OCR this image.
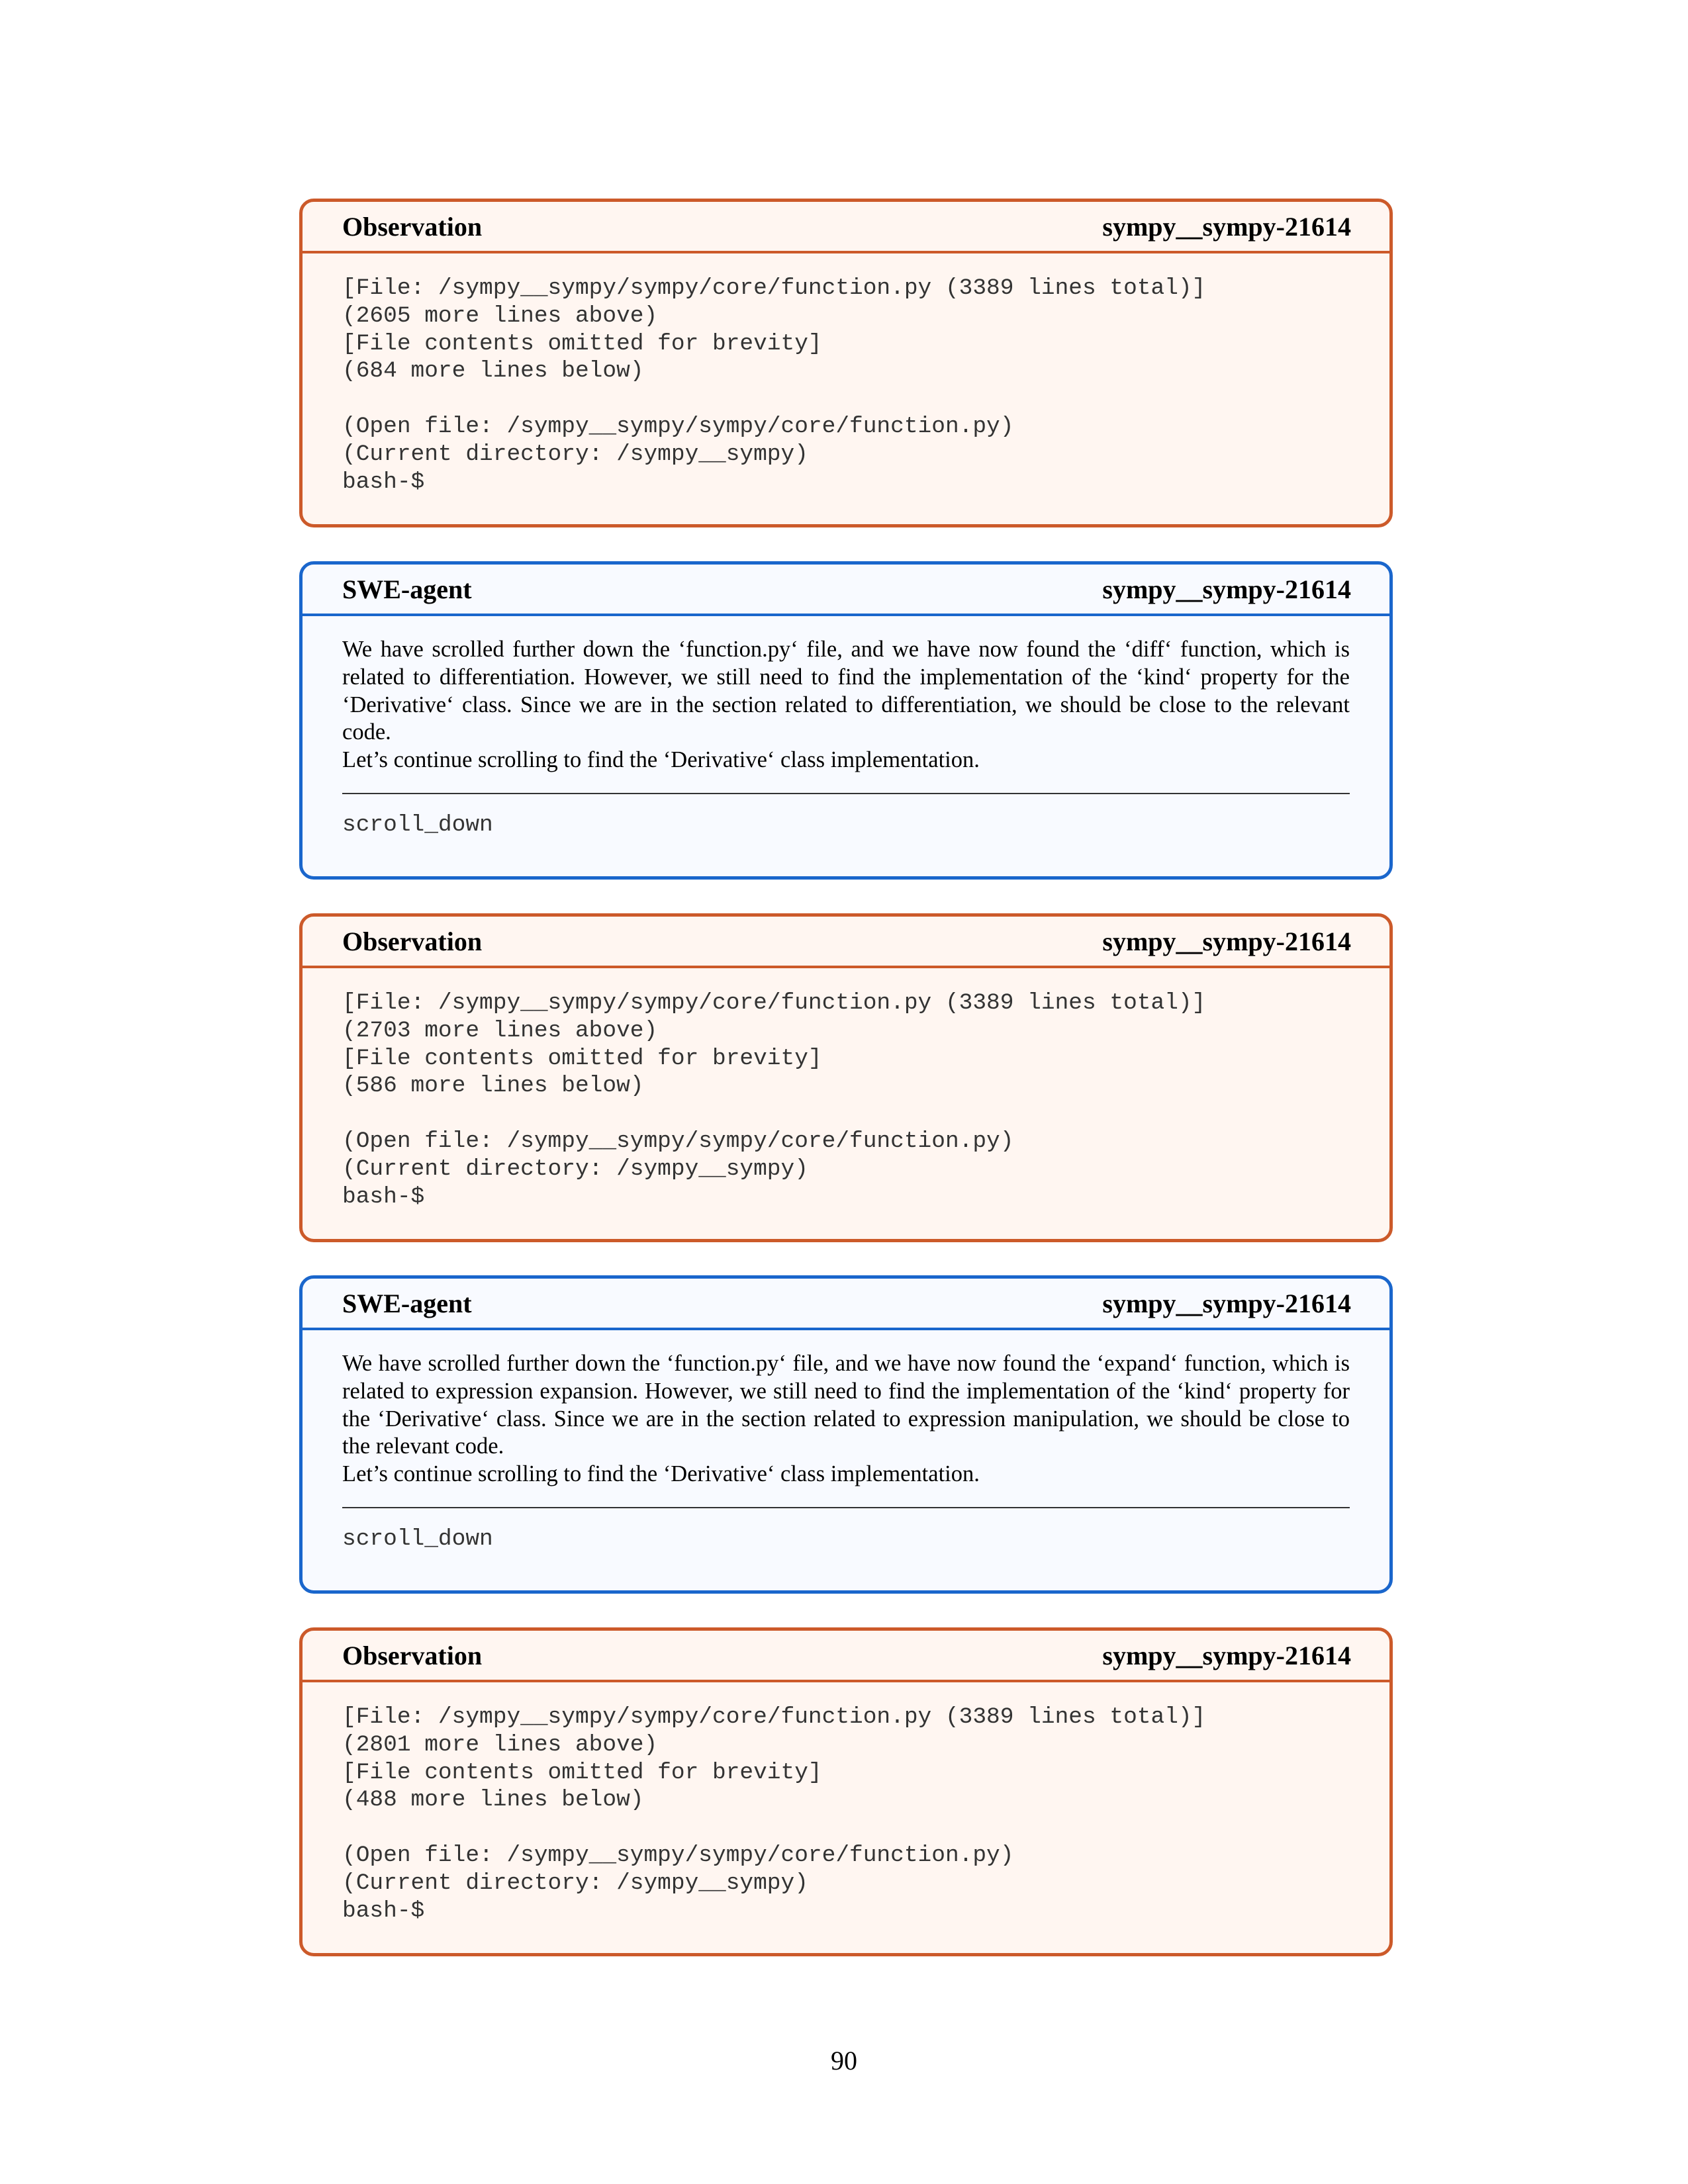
Observation	sympy__sympy-21614
[File: /sympy__sympy/sympy/core/function.py (3389 lines total)]
(2605 more lines above)
[File contents omitted for brevity]
(684 more lines below)

(Open file: /sympy__sympy/sympy/core/function.py)
(Current directory: /sympy__sympy)
bash-$
SWE-agent	sympy__sympy-21614

We have scrolled further down the ‘function.py‘ file, and we have now found the ‘diff‘ function, which is related to differentiation. However, we still need to find the implementation of the ‘kind‘ property for the ‘Derivative‘ class. Since we are in the section related to differentiation, we should be close to the relevant code.

Let’s continue scrolling to find the ‘Derivative‘ class implementation.

scroll_down
Observation	sympy__sympy-21614
[File: /sympy__sympy/sympy/core/function.py (3389 lines total)]
(2703 more lines above)
[File contents omitted for brevity]
(586 more lines below)

(Open file: /sympy__sympy/sympy/core/function.py)
(Current directory: /sympy__sympy)
bash-$
SWE-agent	sympy__sympy-21614

We have scrolled further down the ‘function.py‘ file, and we have now found the ‘expand‘ function, which is related to expression expansion. However, we still need to find the implementation of the ‘kind‘ property for the ‘Derivative‘ class. Since we are in the section related to expression manipulation, we should be close to the relevant code.

Let’s continue scrolling to find the ‘Derivative‘ class implementation.

scroll_down
Observation	sympy__sympy-21614
[File: /sympy__sympy/sympy/core/function.py (3389 lines total)]
(2801 more lines above)
[File contents omitted for brevity]
(488 more lines below)

(Open file: /sympy__sympy/sympy/core/function.py)
(Current directory: /sympy__sympy)
bash-$
90
